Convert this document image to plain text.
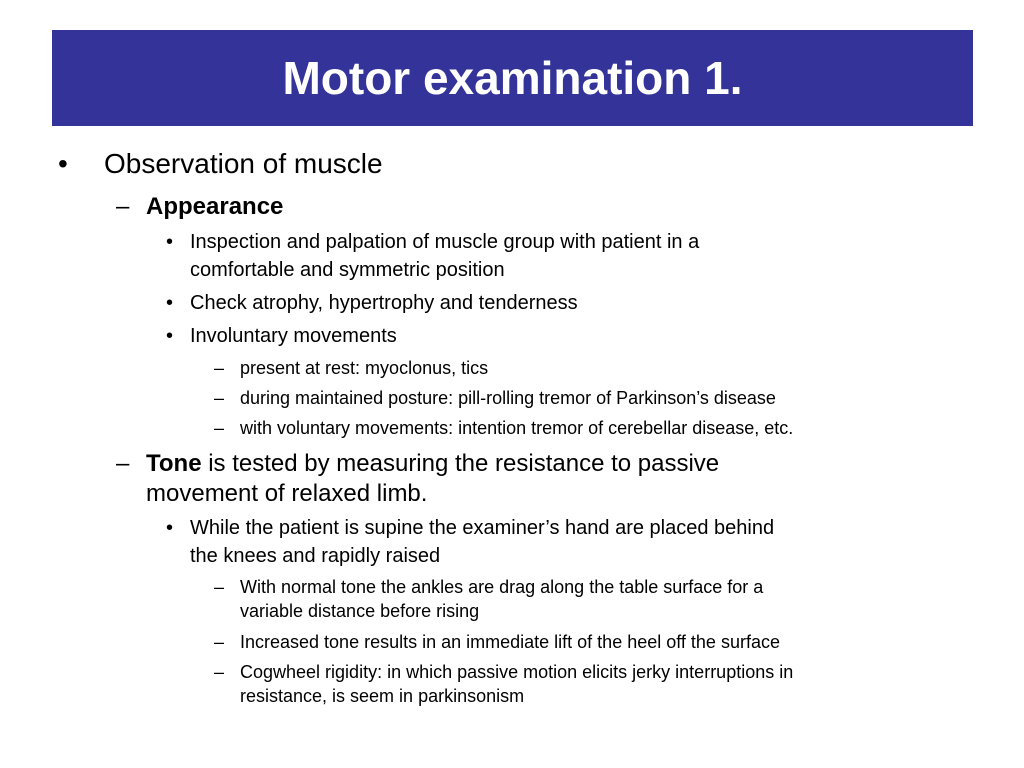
Motor examination 1.
•	Observation of muscle
– Appearance
• Inspection and palpation of muscle group with patient in a
comfortable and symmetric position
• Check atrophy, hypertrophy and tenderness
• Involuntary movements
– present at rest: myoclonus, tics
– during maintained posture: pill-rolling tremor of Parkinson’s disease
– with voluntary movements: intention tremor of cerebellar disease, etc.
– Tone is tested by measuring the resistance to passive
movement of relaxed limb.
• While the patient is supine the examiner’s hand are placed behind
the knees and rapidly raised
– With normal tone the ankles are drag along the table surface for a
variable distance before rising
– Increased tone results in an immediate lift of the heel off the surface
– Cogwheel rigidity: in which passive motion elicits jerky interruptions in
resistance, is seem in parkinsonism
